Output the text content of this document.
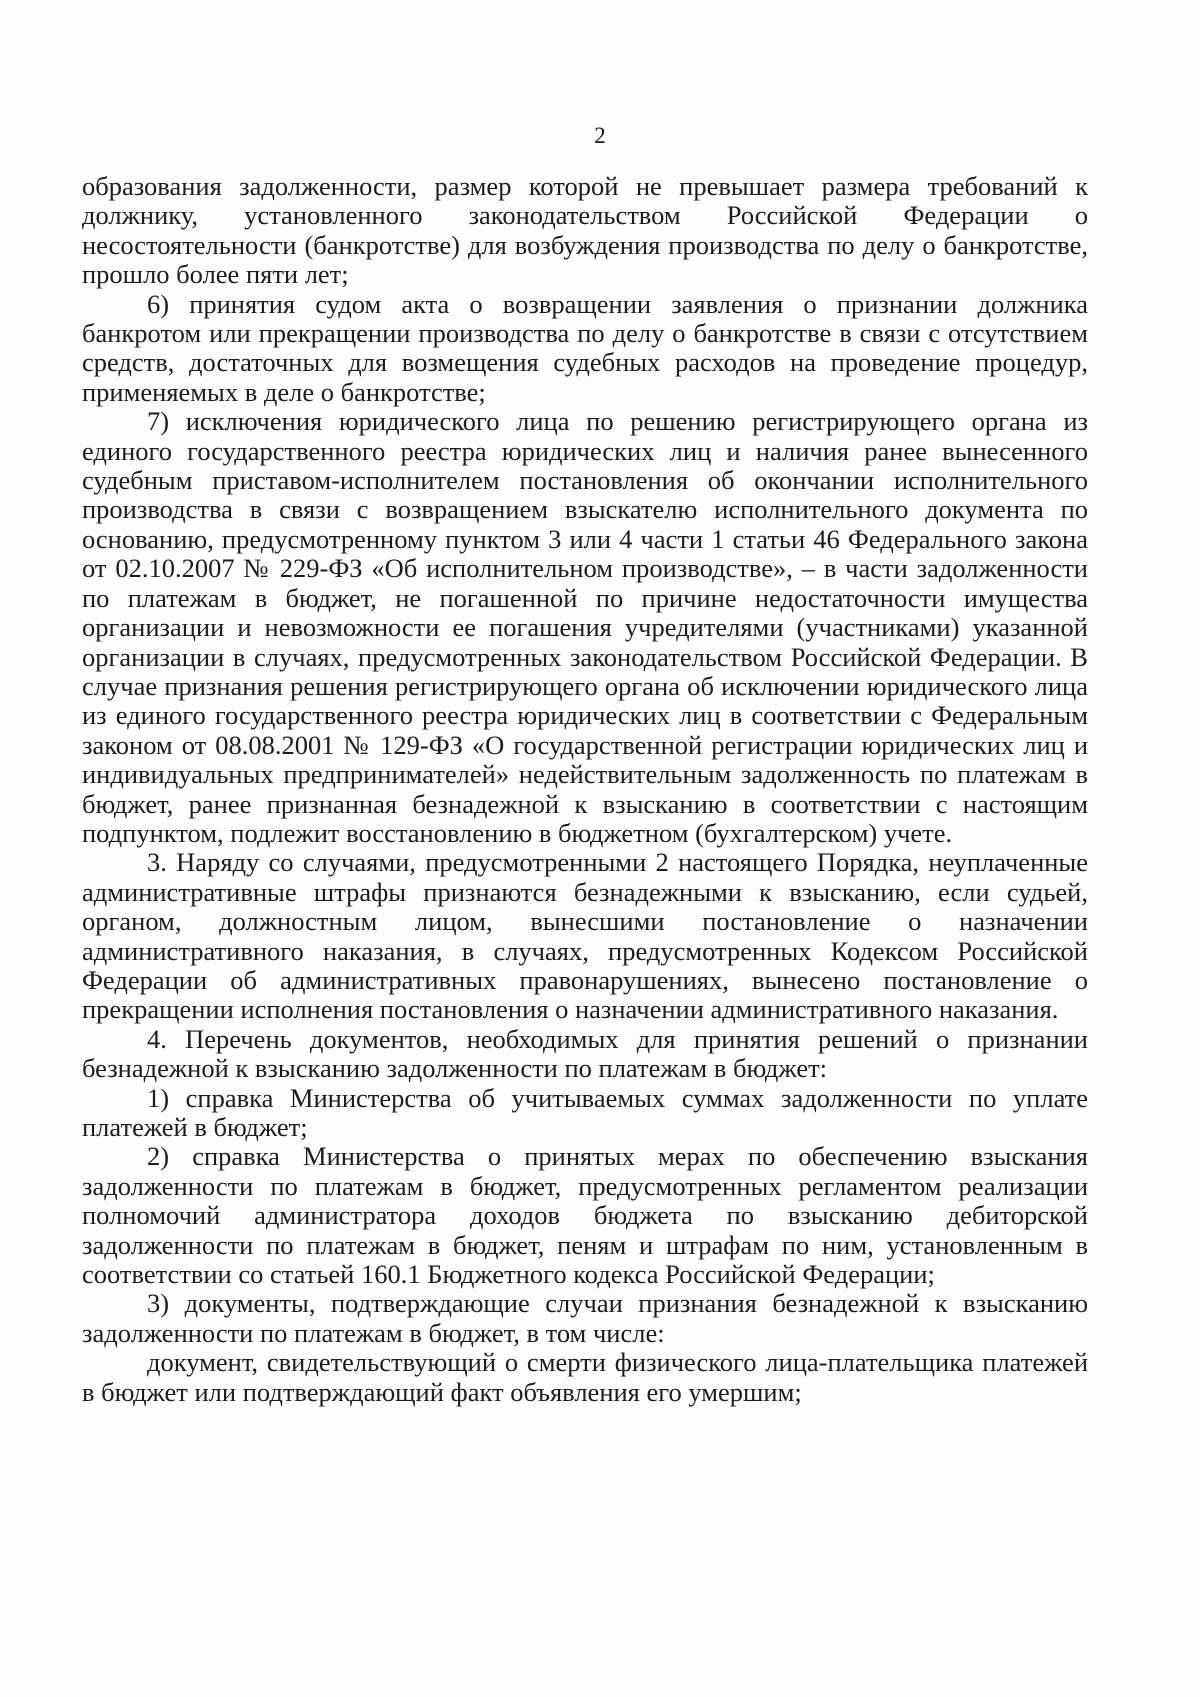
2

образования задолженности, размер которой не превышает размера требований к должнику, установленного законодательством Российской Федерации о несостоятельности (банкротстве) для возбуждения производства по делу о банкротстве, прошло более пяти лет;

6) принятия судом акта о возвращении заявления о признании должника банкротом или прекращении производства по делу о банкротстве в связи с отсутствием средств, достаточных для возмещения судебных расходов на проведение процедур, применяемых в деле о банкротстве;

7) исключения юридического лица по решению регистрирующего органа из единого государственного реестра юридических лиц и наличия ранее вынесенного судебным приставом-исполнителем постановления об окончании исполнительного производства в связи с возвращением взыскателю исполнительного документа по основанию, предусмотренному пунктом 3 или 4 части 1 статьи 46 Федерального закона от 02.10.2007 № 229-ФЗ «Об исполнительном производстве», – в части задолженности по платежам в бюджет, не погашенной по причине недостаточности имущества организации и невозможности ее погашения учредителями (участниками) указанной организации в случаях, предусмотренных законодательством Российской Федерации. В случае признания решения регистрирующего органа об исключении юридического лица из единого государственного реестра юридических лиц в соответствии с Федеральным законом от 08.08.2001 № 129-ФЗ «О государственной регистрации юридических лиц и индивидуальных предпринимателей» недействительным задолженность по платежам в бюджет, ранее признанная безнадежной к взысканию в соответствии с настоящим подпунктом, подлежит восстановлению в бюджетном (бухгалтерском) учете.

3. Наряду со случаями, предусмотренными 2 настоящего Порядка, неуплаченные административные штрафы признаются безнадежными к взысканию, если судьей, органом, должностным лицом, вынесшими постановление о назначении административного наказания, в случаях, предусмотренных Кодексом Российской Федерации об административных правонарушениях, вынесено постановление о прекращении исполнения постановления о назначении административного наказания.

4. Перечень документов, необходимых для принятия решений о признании безнадежной к взысканию задолженности по платежам в бюджет:

1) справка Министерства об учитываемых суммах задолженности по уплате платежей в бюджет;

2) справка Министерства о принятых мерах по обеспечению взыскания задолженности по платежам в бюджет, предусмотренных регламентом реализации полномочий администратора доходов бюджета по взысканию дебиторской задолженности по платежам в бюджет, пеням и штрафам по ним, установленным в соответствии со статьей 160.1 Бюджетного кодекса Российской Федерации;

3) документы, подтверждающие случаи признания безнадежной к взысканию задолженности по платежам в бюджет, в том числе:

документ, свидетельствующий о смерти физического лица-плательщика платежей в бюджет или подтверждающий факт объявления его умершим;
